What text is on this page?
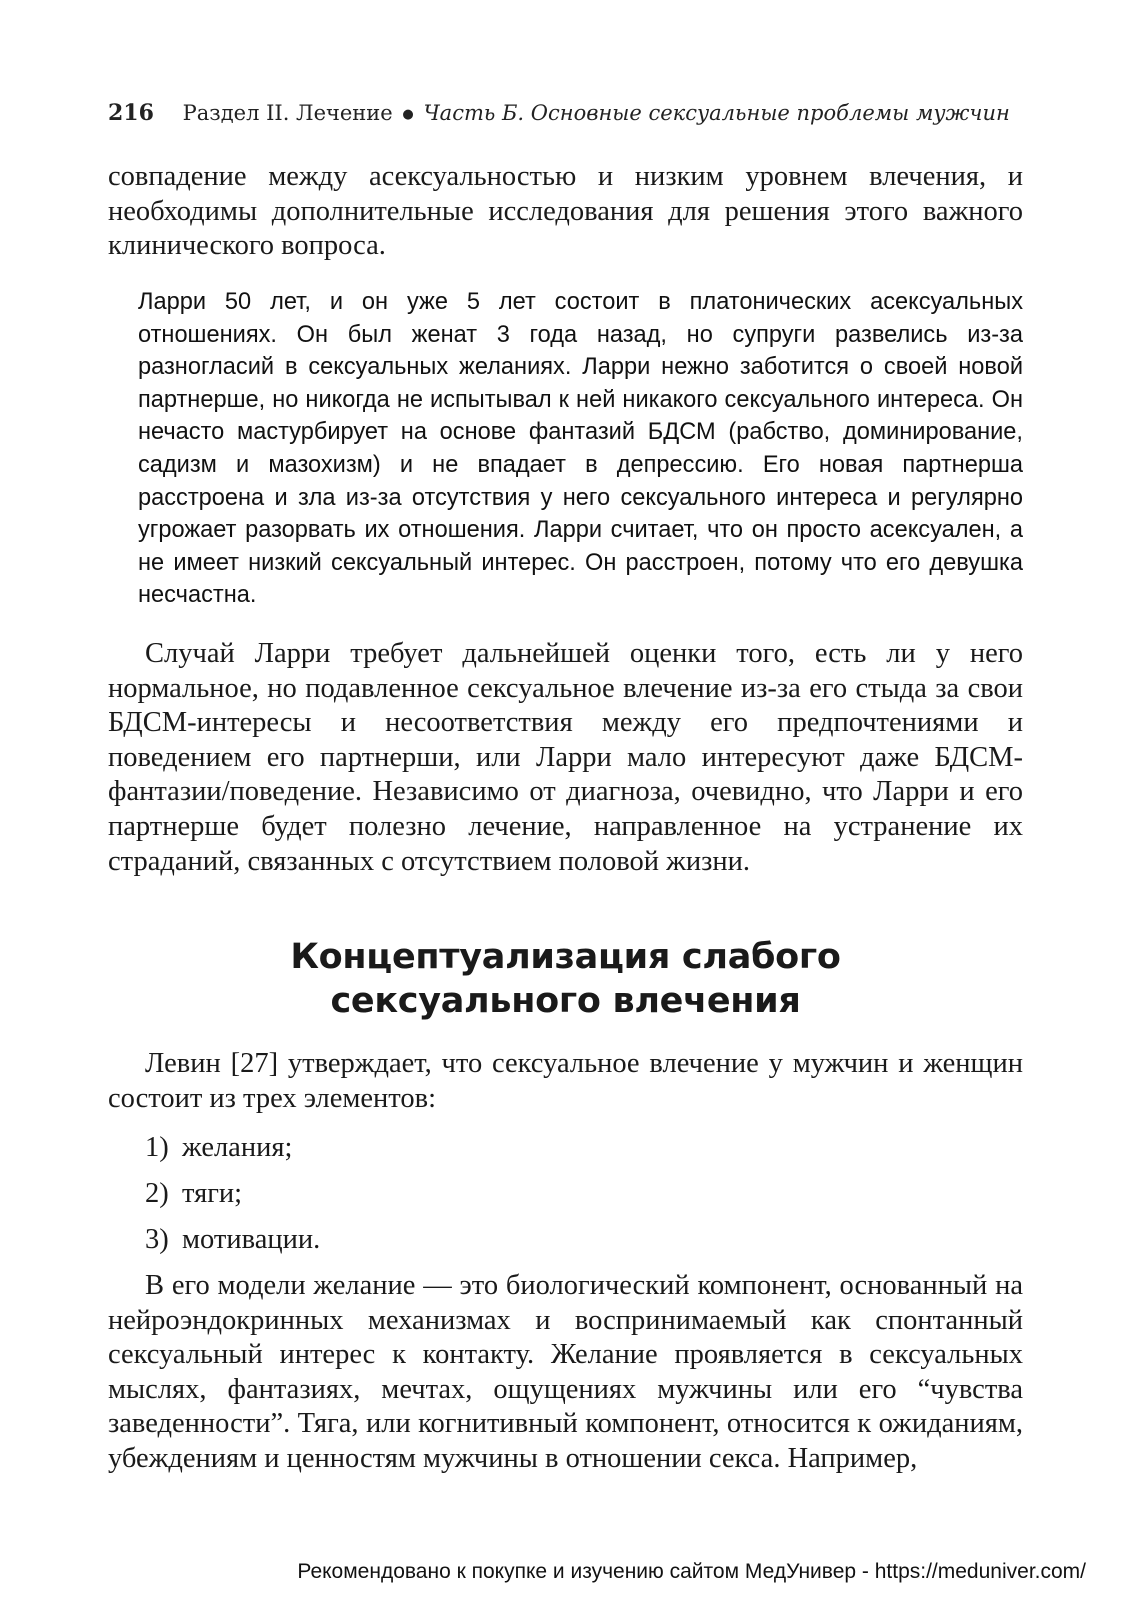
216 Раздел II. Лечение ● Часть Б. Основные сексуальные проблемы мужчин

совпадение между асексуальностью и низким уровнем влечения, и необходимы дополнительные исследования для решения этого важного клинического вопроса.

Ларри 50 лет, и он уже 5 лет состоит в платонических асексуальных отношениях. Он был женат 3 года назад, но супруги развелись из-за разногласий в сексуальных желаниях. Ларри нежно заботится о своей новой партнерше, но никогда не испытывал к ней никакого сексуального интереса. Он нечасто мастурбирует на основе фантазий БДСМ (рабство, доминирование, садизм и мазохизм) и не впадает в депрессию. Его новая партнерша расстроена и зла из-за отсутствия у него сексуального интереса и регулярно угрожает разорвать их отношения. Ларри считает, что он просто асексуален, а не имеет низкий сексуальный интерес. Он расстроен, потому что его девушка несчастна.

Случай Ларри требует дальнейшей оценки того, есть ли у него нормальное, но подавленное сексуальное влечение из-за его стыда за свои БДСМ-интересы и несоответствия между его предпочтениями и поведением его партнерши, или Ларри мало интересуют даже БДСМ-фантазии/поведение. Независимо от диагноза, очевидно, что Ларри и его партнерше будет полезно лечение, направленное на устранение их страданий, связанных с отсутствием половой жизни.

Концептуализация слабого
сексуального влечения

Левин [27] утверждает, что сексуальное влечение у мужчин и женщин состоит из трех элементов:

1) желания;
2) тяги;
3) мотивации.

В его модели желание — это биологический компонент, основанный на нейроэндокринных механизмах и воспринимаемый как спонтанный сексуальный интерес к контакту. Желание проявляется в сексуальных мыслях, фантазиях, мечтах, ощущениях мужчины или его “чувства заведенности”. Тяга, или когнитивный компонент, относится к ожиданиям, убеждениям и ценностям мужчины в отношении секса. Например,

Рекомендовано к покупке и изучению сайтом МедУнивер - https://meduniver.com/
